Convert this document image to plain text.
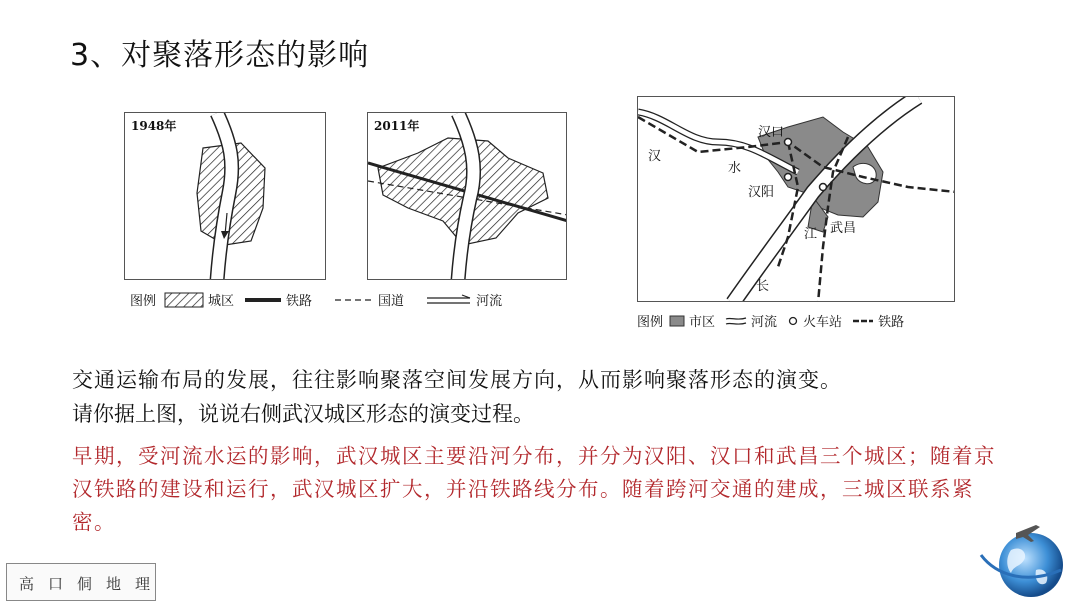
3、对聚落形态的影响
1948年	2011年
图例	城区	铁路	国道	河流
汉口
汉
水
汉阳
江 武昌
长
图例 市区	河流 火车站	铁路
交通运输布局的发展，往往影响聚落空间发展方向，从而影响聚落形态的演变。
请你据上图，说说右侧武汉城区形态的演变过程。
早期，受河流水运的影响，武汉城区主要沿河分布，并分为汉阳、汉口和武昌三个城区；随着京汉铁路的建设和运行，武汉城区扩大，并沿铁路线分布。随着跨河交通的建成，三城区联系紧密。
高口侗地理
